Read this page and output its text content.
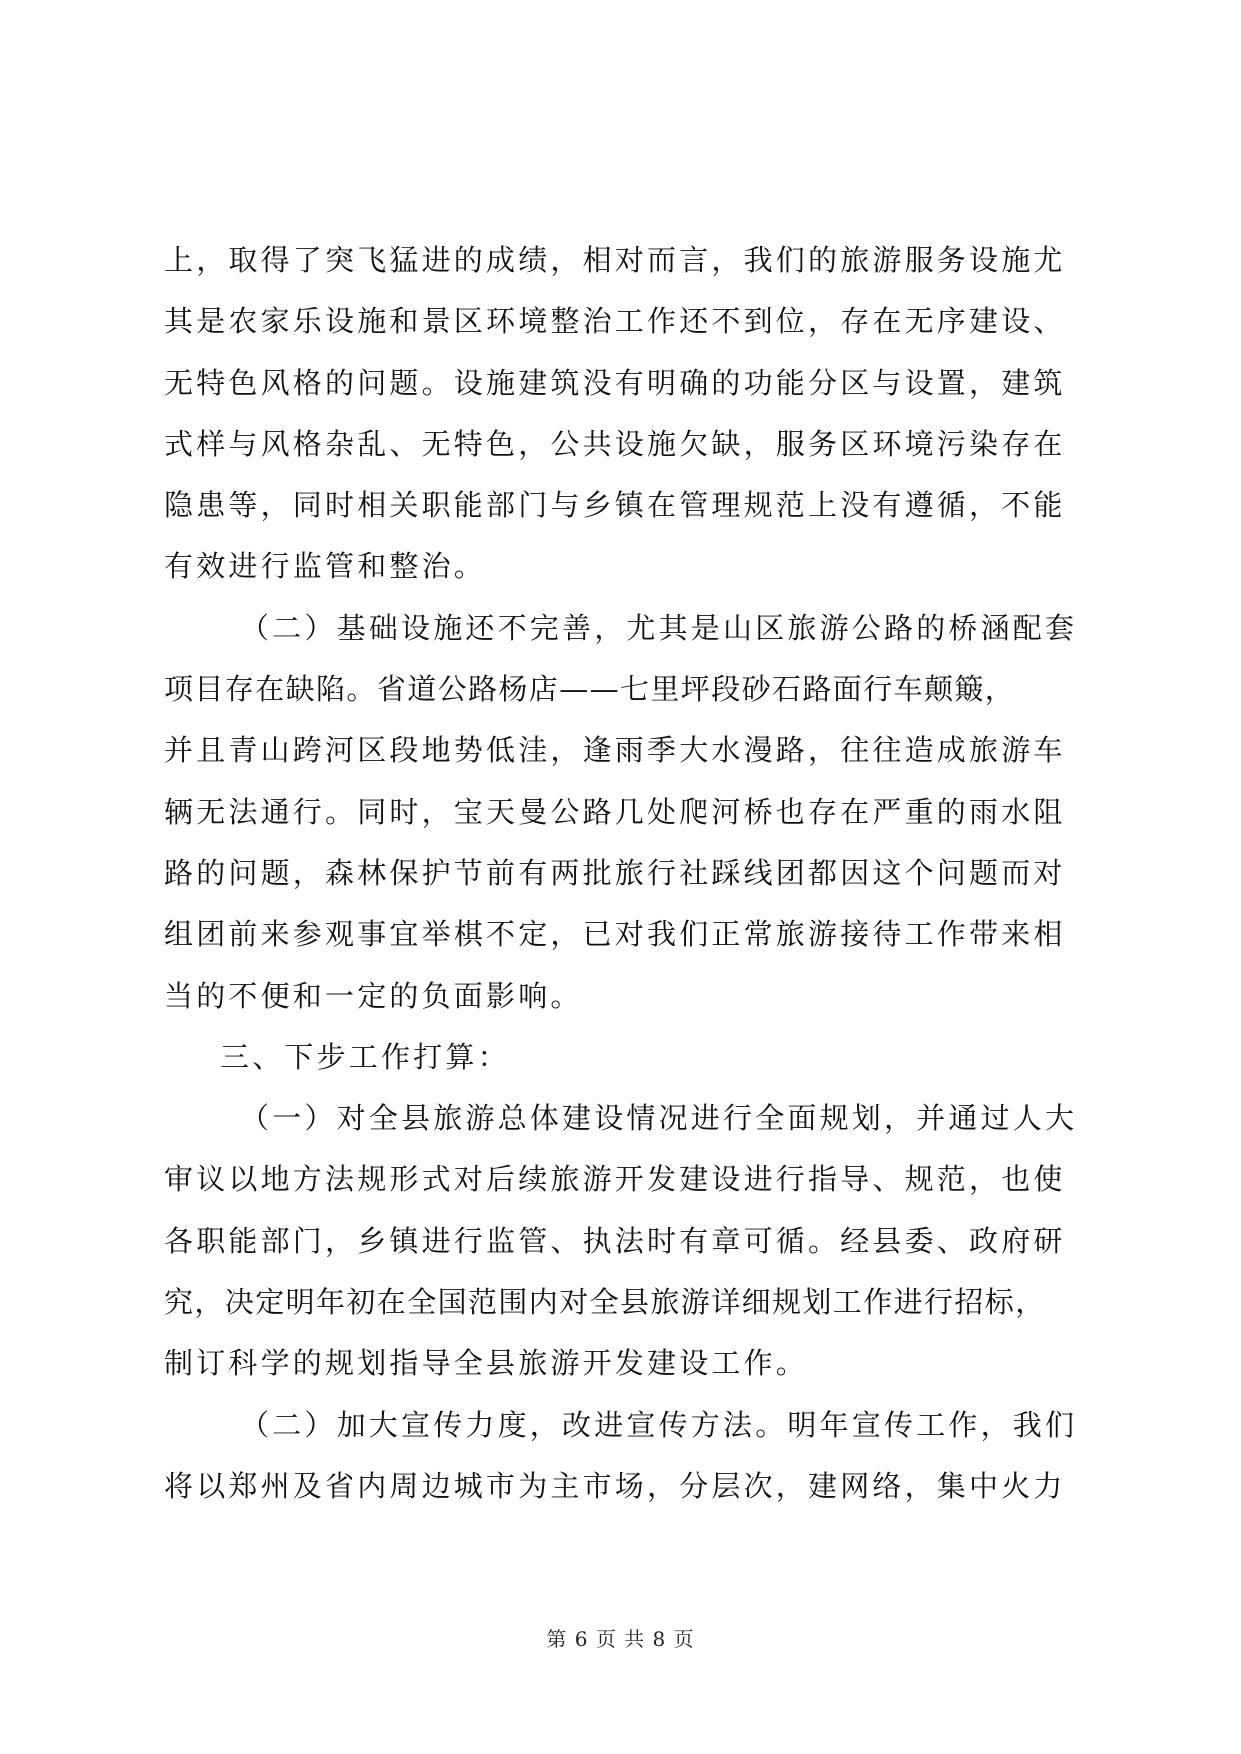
上，取得了突飞猛进的成绩，相对而言，我们的旅游服务设施尤
其是农家乐设施和景区环境整治工作还不到位，存在无序建设、
无特色风格的问题。设施建筑没有明确的功能分区与设置，建筑
式样与风格杂乱、无特色，公共设施欠缺，服务区环境污染存在
隐患等，同时相关职能部门与乡镇在管理规范上没有遵循，不能
有效进行监管和整治。
（二）基础设施还不完善，尤其是山区旅游公路的桥涵配套
项目存在缺陷。省道公路杨店——七里坪段砂石路面行车颠簸，
并且青山跨河区段地势低洼，逢雨季大水漫路，往往造成旅游车
辆无法通行。同时，宝天曼公路几处爬河桥也存在严重的雨水阻
路的问题，森林保护节前有两批旅行社踩线团都因这个问题而对
组团前来参观事宜举棋不定，已对我们正常旅游接待工作带来相
当的不便和一定的负面影响。
三、下步工作打算：
（一）对全县旅游总体建设情况进行全面规划，并通过人大
审议以地方法规形式对后续旅游开发建设进行指导、规范，也使
各职能部门，乡镇进行监管、执法时有章可循。经县委、政府研
究，决定明年初在全国范围内对全县旅游详细规划工作进行招标，
制订科学的规划指导全县旅游开发建设工作。
（二）加大宣传力度，改进宣传方法。明年宣传工作，我们
将以郑州及省内周边城市为主市场，分层次，建网络，集中火力
第 6 页 共 8 页
